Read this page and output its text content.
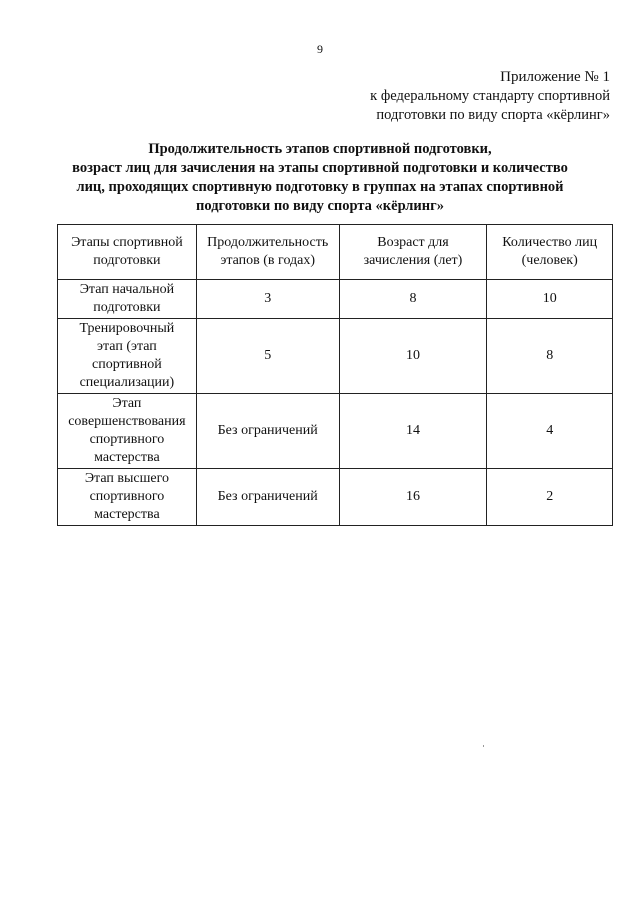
9
Приложение № 1
к федеральному стандарту спортивной
подготовки по виду спорта «кёрлинг»
Продолжительность этапов спортивной подготовки,
возраст лиц для зачисления на этапы спортивной подготовки и количество
лиц, проходящих спортивную подготовку в группах на этапах спортивной
подготовки по виду спорта «кёрлинг»
Этапы спортивной подготовки	Продолжительность этапов (в годах)	Возраст для зачисления (лет)	Количество лиц (человек)
Этап начальной
подготовки	3	8	10
Тренировочный
этап (этап
спортивной
специализации)	5	10	8
Этап
совершенствования
спортивного
мастерства	Без ограничений	14	4
Этап высшего
спортивного
мастерства	Без ограничений	16	2
